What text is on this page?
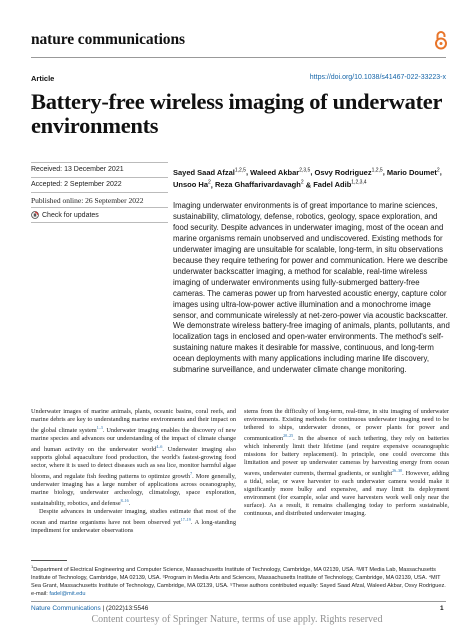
nature communications
Article	https://doi.org/10.1038/s41467-022-33223-x
Battery-free wireless imaging of underwater environments
Received: 13 December 2021
Accepted: 2 September 2022
Published online: 26 September 2022
Check for updates
Sayed Saad Afzal$^{1,2,5}$, Waleed Akbar$^{2,3,5}$, Osvy Rodriguez$^{1,2,5}$, Mario Doumet$^2$, Unsoo Ha$^2$, Reza Ghaffarivardavagh$^2$ & Fadel Adib$^{1,2,3,4}$
Imaging underwater environments is of great importance to marine sciences, sustainability, climatology, defense, robotics, geology, space exploration, and food security. Despite advances in underwater imaging, most of the ocean and marine organisms remain unobserved and undiscovered. Existing methods for underwater imaging are unsuitable for scalable, long-term, in situ observations because they require tethering for power and communication. Here we describe underwater backscatter imaging, a method for scalable, real-time wireless imaging of underwater environments using fully-submerged battery-free cameras. The cameras power up from harvested acoustic energy, capture color images using ultra-low-power active illumination and a monochrome image sensor, and communicate wirelessly at net-zero-power via acoustic backscatter. We demonstrate wireless battery-free imaging of animals, plants, pollutants, and localization tags in enclosed and open-water environments. The method's self-sustaining nature makes it desirable for massive, continuous, and long-term ocean deployments with many applications including marine life discovery, submarine surveillance, and underwater climate change monitoring.

Underwater images of marine animals, plants, oceanic basins, coral reefs, and marine debris are key to understanding marine environments and their impact on the global climate system$^{1-3}$. Underwater imaging enables the discovery of new marine species and advances our understanding of the impact of climate change and human activity on the underwater world$^{4-6}$. Underwater imaging also supports global aquaculture food production, the world's fastest-growing food sector, where it is used to detect diseases such as sea lice, monitor harmful algae blooms, and regulate fish feeding patterns to optimize growth$^7$. More generally, underwater imaging has a large number of applications across oceanography, marine biology, underwater archeology, climatology, space exploration, sustainability, robotics, and defense$^{8-16}$.

Despite advances in underwater imaging, studies estimate that most of the ocean and marine organisms have not been observed yet$^{17-19}$. A long-standing impediment for underwater observations

stems from the difficulty of long-term, real-time, in situ imaging of underwater environments. Existing methods for continuous underwater imaging need to be tethered to ships, underwater drones, or power plants for power and communication$^{20-25}$. In the absence of such tethering, they rely on batteries which inherently limit their lifetime (and require expensive oceanographic missions for battery replacement). In principle, one could overcome this limitation and power up underwater cameras by harvesting energy from ocean waves, underwater currents, thermal gradients, or sunlight$^{26-30}$. However, adding a tidal, solar, or wave harvester to each underwater camera would make it significantly more bulky and expensive, and may limit its deployment environment (for example, solar and wave harvesters work well only near the surface). As a result, it remains challenging today to perform sustainable, continuous, and distributed underwater imaging.

$^1$Department of Electrical Engineering and Computer Science, Massachusetts Institute of Technology, Cambridge, MA 02139, USA. ²MIT Media Lab, Massachusetts Institute of Technology, Cambridge, MA 02139, USA. ³Program in Media Arts and Sciences, Massachusetts Institute of Technology, Cambridge, MA 02139, USA. ⁴MIT Sea Grant, Massachusetts Institute of Technology, Cambridge, MA 02139, USA. ⁵These authors contributed equally: Sayed Saad Afzal, Waleed Akbar, Osvy Rodriguez. e-mail: fadel@mit.edu
Nature Communications | (2022)13:5546	1
Content courtesy of Springer Nature, terms of use apply. Rights reserved
